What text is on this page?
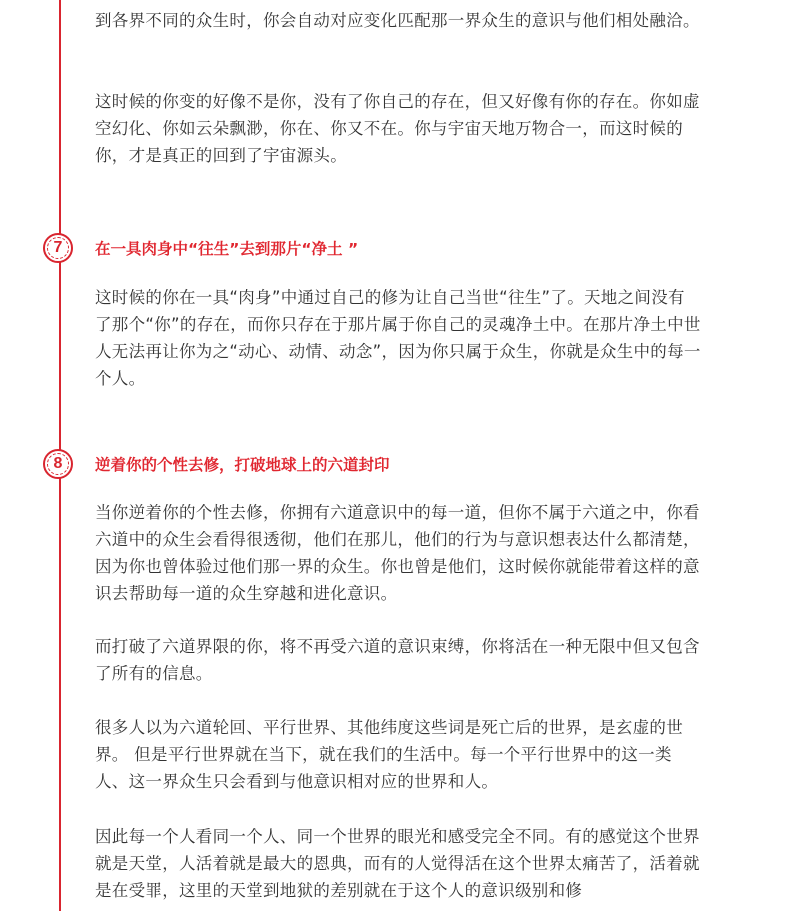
到各界不同的众生时，你会自动对应变化匹配那一界众生的意识与他们相处融洽。

这时候的你变的好像不是你，没有了你自己的存在，但又好像有你的存在。你如虚空幻化、你如云朵飘渺，你在、你又不在。你与宇宙天地万物合一，而这时候的你，才是真正的回到了宇宙源头。

7 在一具肉身中“往生”去到那片“净土 ”

这时候的你在一具“肉身”中通过自己的修为让自己当世“往生”了。天地之间没有了那个“你”的存在，而你只存在于那片属于你自己的灵魂净土中。在那片净土中世人无法再让你为之“动心、动情、动念”，因为你只属于众生，你就是众生中的每一个人。

8 逆着你的个性去修，打破地球上的六道封印

当你逆着你的个性去修，你拥有六道意识中的每一道，但你不属于六道之中，你看六道中的众生会看得很透彻，他们在那儿，他们的行为与意识想表达什么都清楚，因为你也曾体验过他们那一界的众生。你也曾是他们，这时候你就能带着这样的意识去帮助每一道的众生穿越和进化意识。

而打破了六道界限的你，将不再受六道的意识束缚，你将活在一种无限中但又包含了所有的信息。

很多人以为六道轮回、平行世界、其他纬度这些词是死亡后的世界，是玄虚的世界。 但是平行世界就在当下，就在我们的生活中。每一个平行世界中的这一类人、这一界众生只会看到与他意识相对应的世界和人。

因此每一个人看同一个人、同一个世界的眼光和感受完全不同。有的感觉这个世界就是天堂，人活着就是最大的恩典，而有的人觉得活在这个世界太痛苦了，活着就是在受罪，这里的天堂到地狱的差别就在于这个人的意识级别和修
